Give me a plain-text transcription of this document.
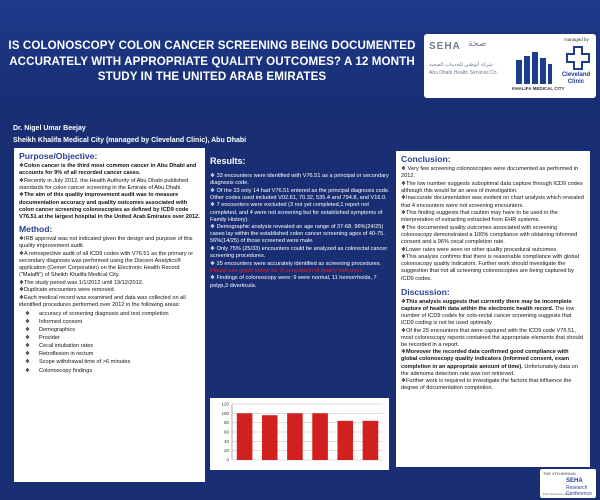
IS COLONOSCOPY COLON CANCER SCREENING BEING DOCUMENTED ACCURATELY WITH APPROPRIATE QUALITY OUTCOMES? A 12 MONTH STUDY IN THE UNITED ARAB EMIRATES
SEHA صحة
شركة أبوظبي للخدمات الصحية
Abu Dhabi Health Services Co.
KHALIFA MEDICAL CITY
managed by
Cleveland Clinic
Dr. Nigel Umar Beejay
Sheikh Khalifa Medical City (managed by Cleveland Clinic), Abu Dhabi
Purpose/Objective:

❖Colon cancer is the third most common cancer in Abu Dhabi and accounts for 9% of all recorded cancer cases.

❖Recently in July 2012, the Health Authority of Abu Dhabi published standards for colon cancer screening in the Emirate of Abu Dhabi.

❖The aim of this quality improvement audit was to measure documentation accuracy and quality outcomes associated with colon cancer screening colonoscopies as defined by ICD9 code V76.51 at the largest hospital in the United Arab Emirates over 2012.

Method:

❖IRB approval was not indicated given the design and purpose of this quality improvement audit.

❖A retrospective audit of all ICD9 codes with V76.51 as the primary or secondary diagnosis was performed using the Discern Analytics® application (Cerner Corporation) on the Electronic Health Record ("Malaffi") of Sheikh Khalifa Medical City.

❖The study period was 1/1/2012 until 19/12/2012.

❖Duplicate encounters were removed.

❖Each medical record was examined and data was collected on all identified procedures performed over 2012 in the following areas:

❖ accuracy of screening diagnosis and test completion
❖ Informed consent
❖ Demographics
❖ Provider
❖ Cecal intubation rates
❖ Retroflexion in rectum
❖ Scope withdrawal time of >6 minutes
❖ Colonoscopy findings
Results:

❖ 33 encounters were identified with V76.51 as a principal or secondary diagnosis code.

❖ Of the 33 only 14 had V76.51 entered as the principal diagnosis code. Other codes used included V02.61, 70.32, 535.4 and 794.8, and V16.0.

❖ 7 encounters were excluded (3 not yet completed,1 report not completed, and 4 were not screening but for established symptoms of Family History).

❖ Demographic analysis revealed an age range of 37-68. 96%(24/25) cases lay within the established colon cancer screening ages of 40-75. 56%(14/25) of those screened were male.

❖ Only 75% (25/33) encounters could be analyzed as colorectal cancer screening procedures.

❖ 25 encounters were accurately identified as screening procedures. Please see graph below for % completion of quality indicators.

❖ Findings of colonoscopy were: 9 were normal, 11 hemorrhoids, 7 polyp,3 diverticula.

120
100
80
60
40
20
0
Conclusion:

❖ Very few screening colonoscopies were documented as performed in 2012.

❖The low number suggests suboptimal data capture through ICD9 codes although this would be an area of investigation.

❖Inaccurate documentation was evident on chart analysis which revealed that 4 encounters were not screening encounters.

❖This finding suggests that caution may have to be used in the interpretation of extracting extracted from EHR systems.

❖The documented quality outcomes associated with screening colonoscopy demonstrated a 100% compliance with obtaining informed consent and a 96% cecal completion rate.

❖Lower rates were seen on other quality procedural outcomes.

❖This analysis confirms that there is reasonable compliance with global colonoscopy quality indicators. Further work should investigate the suggestion that not all screening colonoscopies are being captured by ICD9 codes.

Discussion:

❖This analysis suggests that currently there may be incomplete capture of health data within the electronic health record. The low number of ICD9 codes for colo-rectal cancer screening suggests that ICD9 coding is not be used optimally

❖Of the 25 encounters that were captured with the ICD9 code V76.51, most colonoscopy reports contained the appropriate elements that should be recorded in a report.

❖Moreover the recorded data confirmed good compliance with global colonoscopy quality indicators (informed consent, exam completion in an appropriate amount of time). Unfortunately data on the adenoma detection rate was not retrieved.

❖Further work is required to investigate the factors that influence the degree of documentation completion.

THE 4TH ANNUAL
SEHA
Research Conference
8-11 November 2013
